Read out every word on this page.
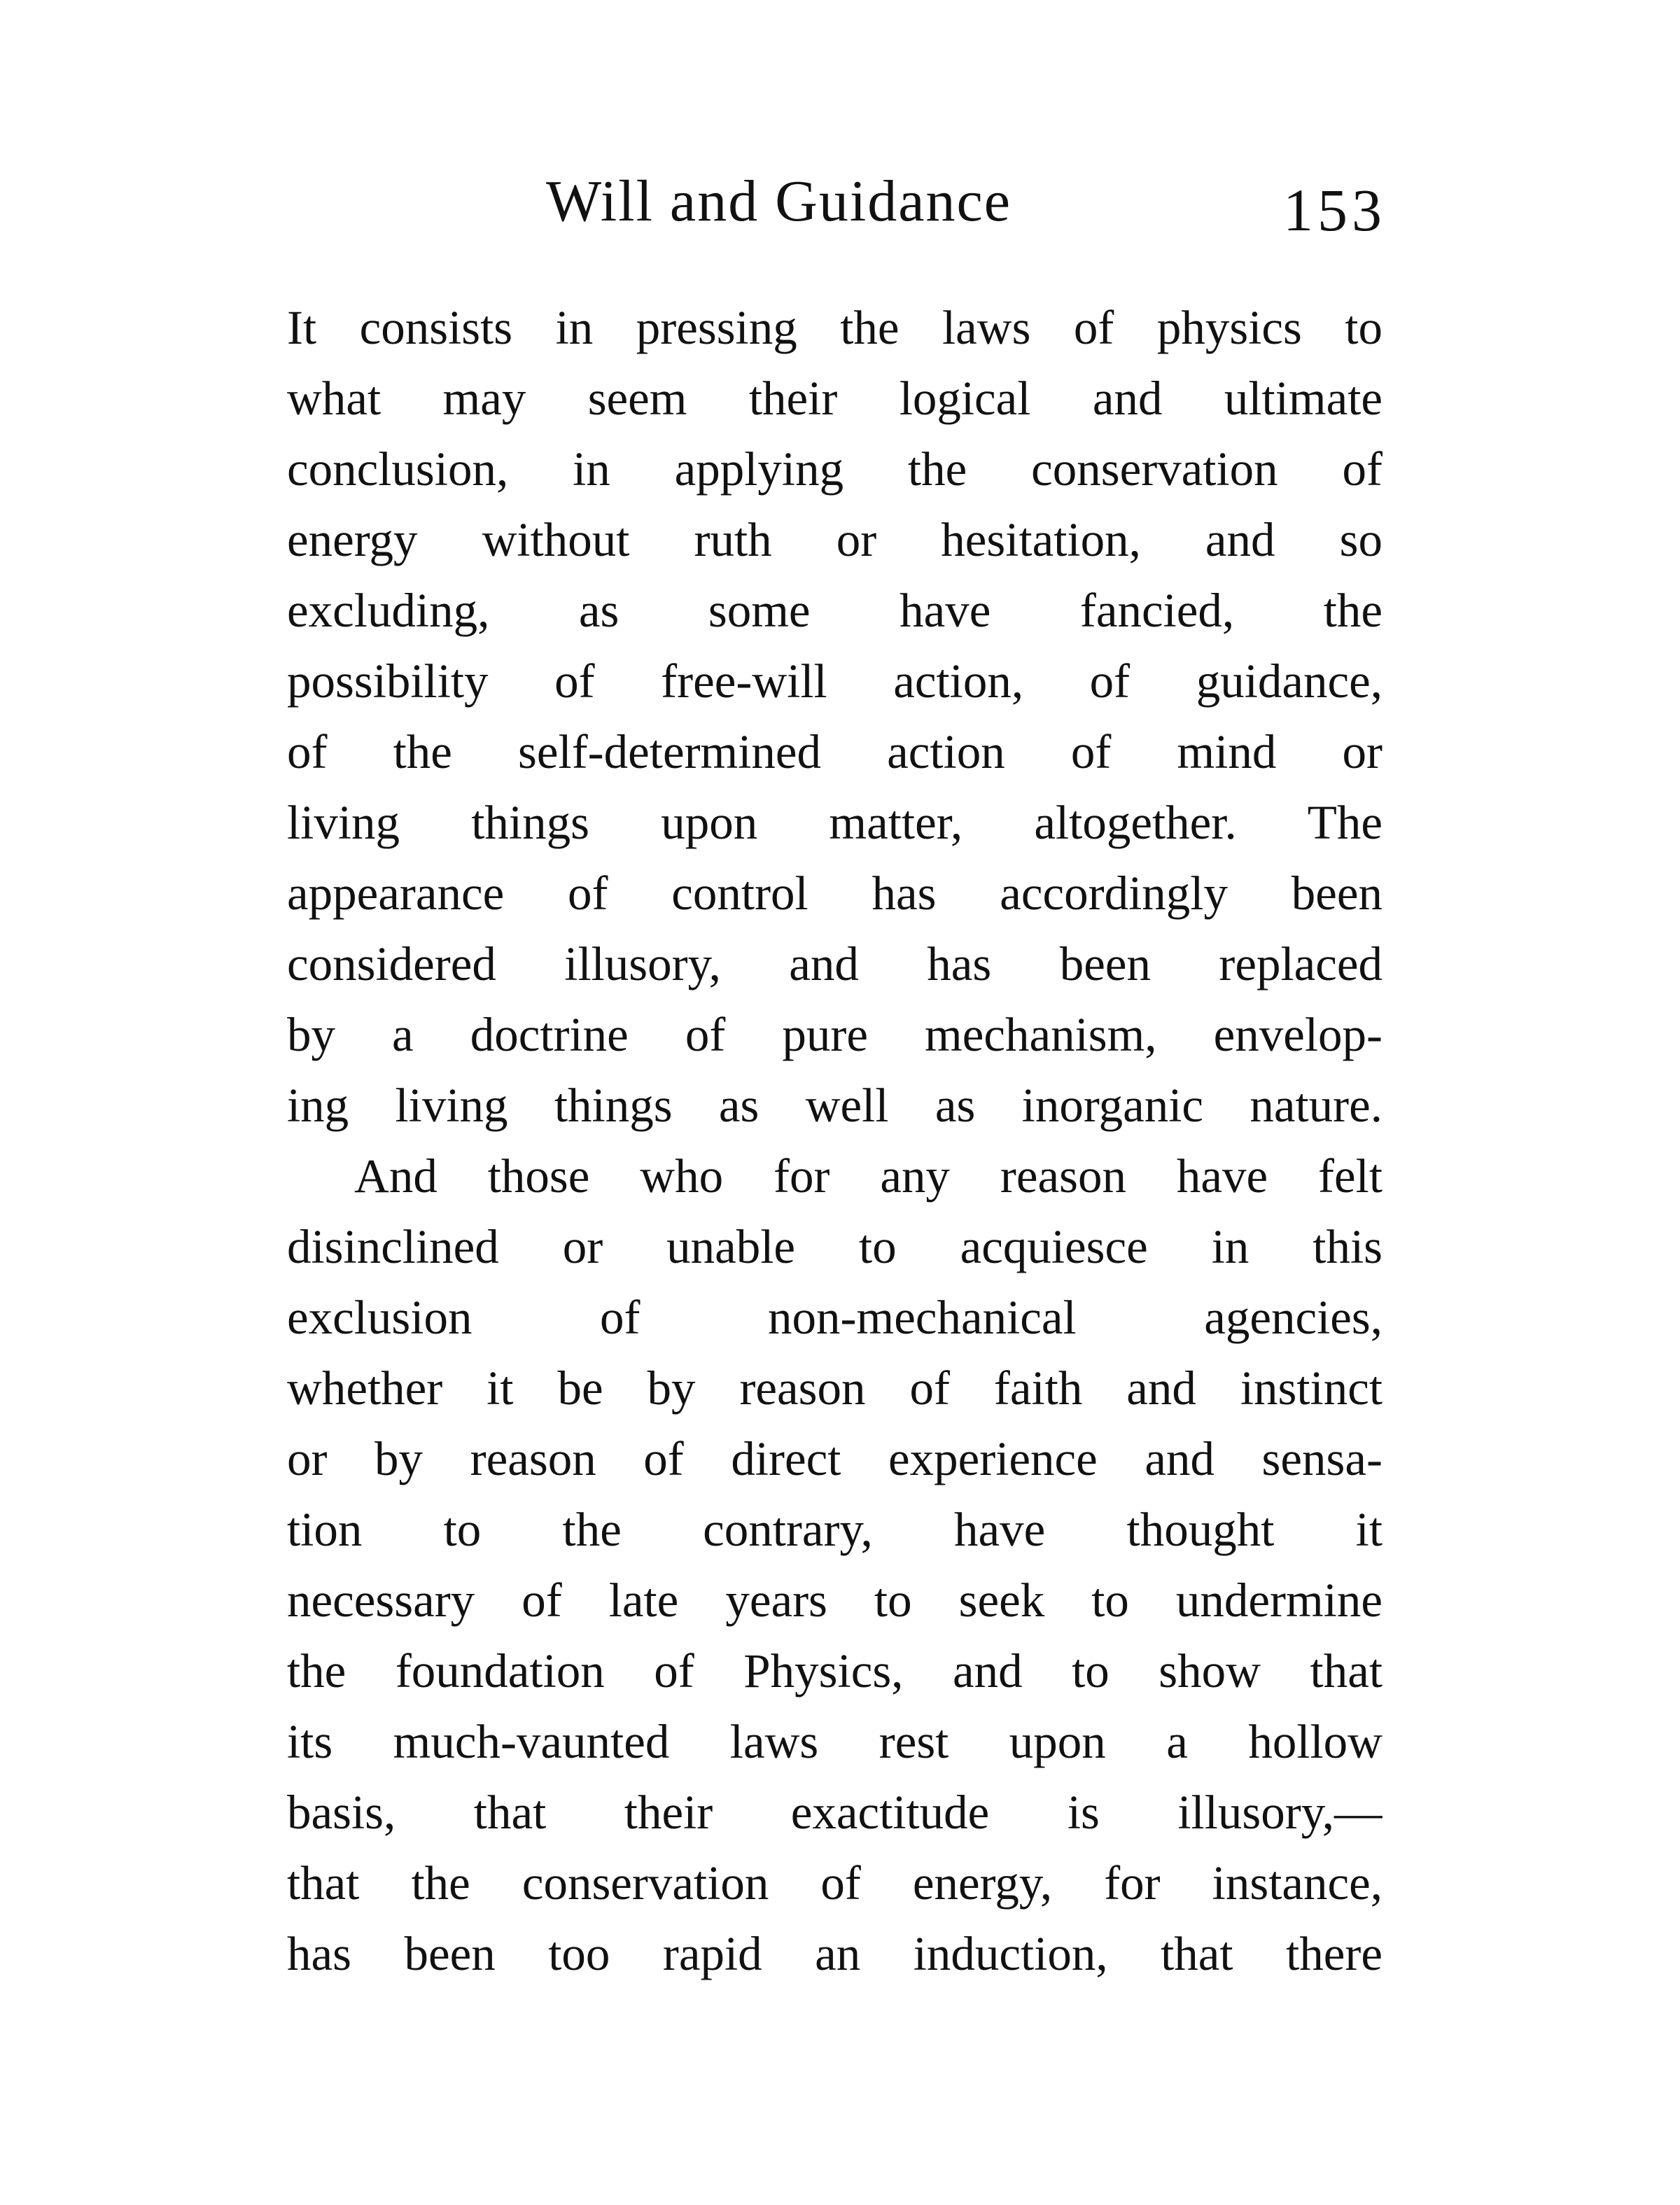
Will and Guidance	153
It consists in pressing the laws of physics to
what may seem their logical and ultimate
conclusion, in applying the conservation of
energy without ruth or hesitation, and so
excluding, as some have fancied, the
possibility of free-will action, of guidance,
of the self-determined action of mind or
living things upon matter, altogether. The
appearance of control has accordingly been
considered illusory, and has been replaced
by a doctrine of pure mechanism, envelop-
ing living things as well as inorganic nature.
And those who for any reason have felt
disinclined or unable to acquiesce in this
exclusion of non-mechanical agencies,
whether it be by reason of faith and instinct
or by reason of direct experience and sensa-
tion to the contrary, have thought it
necessary of late years to seek to undermine
the foundation of Physics, and to show that
its much-vaunted laws rest upon a hollow
basis, that their exactitude is illusory,—
that the conservation of energy, for instance,
has been too rapid an induction, that there
